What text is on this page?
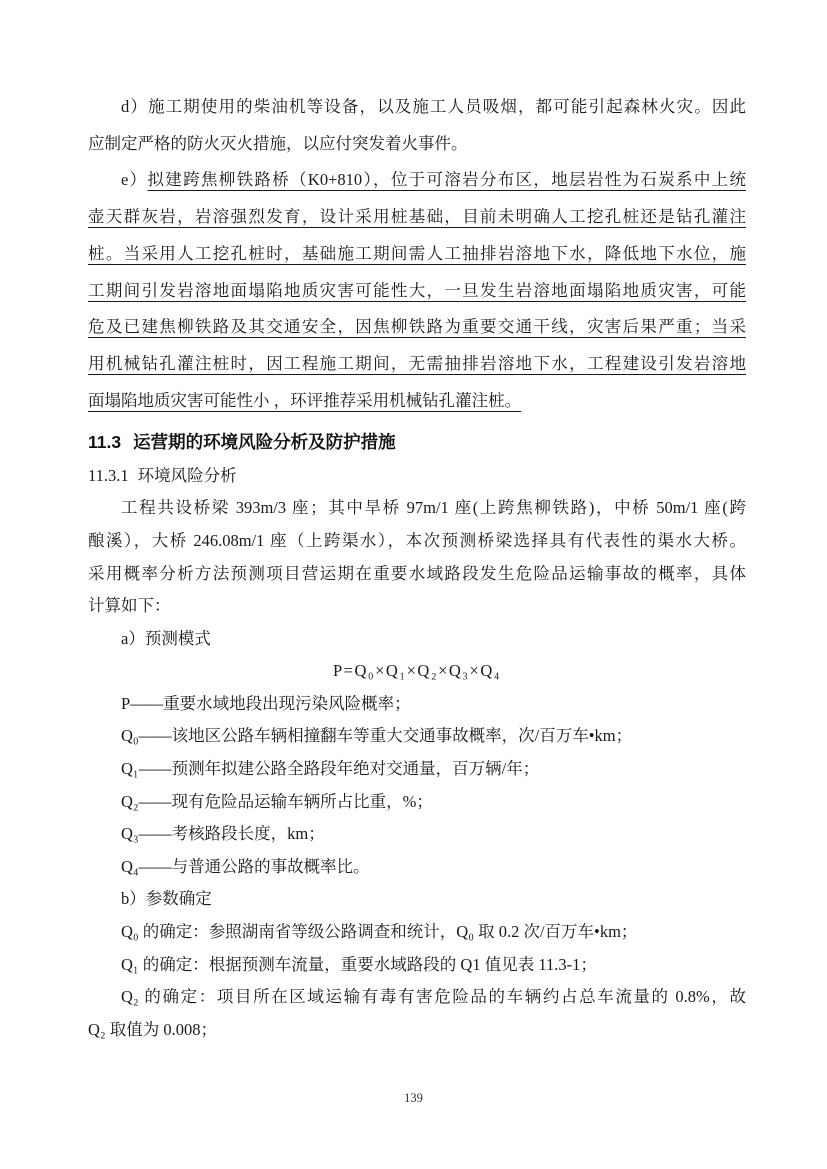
d）施工期使用的柴油机等设备，以及施工人员吸烟，都可能引起森林火灾。因此
应制定严格的防火灭火措施，以应付突发着火事件。
e）拟建跨焦柳铁路桥（K0+810），位于可溶岩分布区，地层岩性为石炭系中上统
壶天群灰岩，岩溶强烈发育，设计采用桩基础，目前未明确人工挖孔桩还是钻孔灌注
桩。当采用人工挖孔桩时，基础施工期间需人工抽排岩溶地下水，降低地下水位，施
工期间引发岩溶地面塌陷地质灾害可能性大，一旦发生岩溶地面塌陷地质灾害，可能
危及已建焦柳铁路及其交通安全，因焦柳铁路为重要交通干线，灾害后果严重；当采
用机械钻孔灌注桩时，因工程施工期间，无需抽排岩溶地下水，工程建设引发岩溶地
面塌陷地质灾害可能性小 ，环评推荐采用机械钻孔灌注桩。
11.3 运营期的环境风险分析及防护措施
11.3.1 环境风险分析
工程共设桥梁 393m/3 座；其中旱桥 97m/1 座(上跨焦柳铁路)，中桥 50m/1 座(跨
酿溪），大桥 246.08m/1 座（上跨渠水），本次预测桥梁选择具有代表性的渠水大桥。
采用概率分析方法预测项目营运期在重要水域路段发生危险品运输事故的概率，具体
计算如下：
a）预测模式
P=Q₀×Q₁×Q₂×Q₃×Q₄
P——重要水域地段出现污染风险概率；
Q₀——该地区公路车辆相撞翻车等重大交通事故概率，次/百万车•km；
Q₁——预测年拟建公路全路段年绝对交通量，百万辆/年；
Q₂——现有危险品运输车辆所占比重，%；
Q₃——考核路段长度，km；
Q₄——与普通公路的事故概率比。
b）参数确定
Q₀ 的确定：参照湖南省等级公路调查和统计，Q₀ 取 0.2 次/百万车•km；
Q₁ 的确定：根据预测车流量，重要水域路段的 Q1 值见表 11.3-1；
Q₂ 的确定：项目所在区域运输有毒有害危险品的车辆约占总车流量的 0.8%，故
Q₂ 取值为 0.008；
139
